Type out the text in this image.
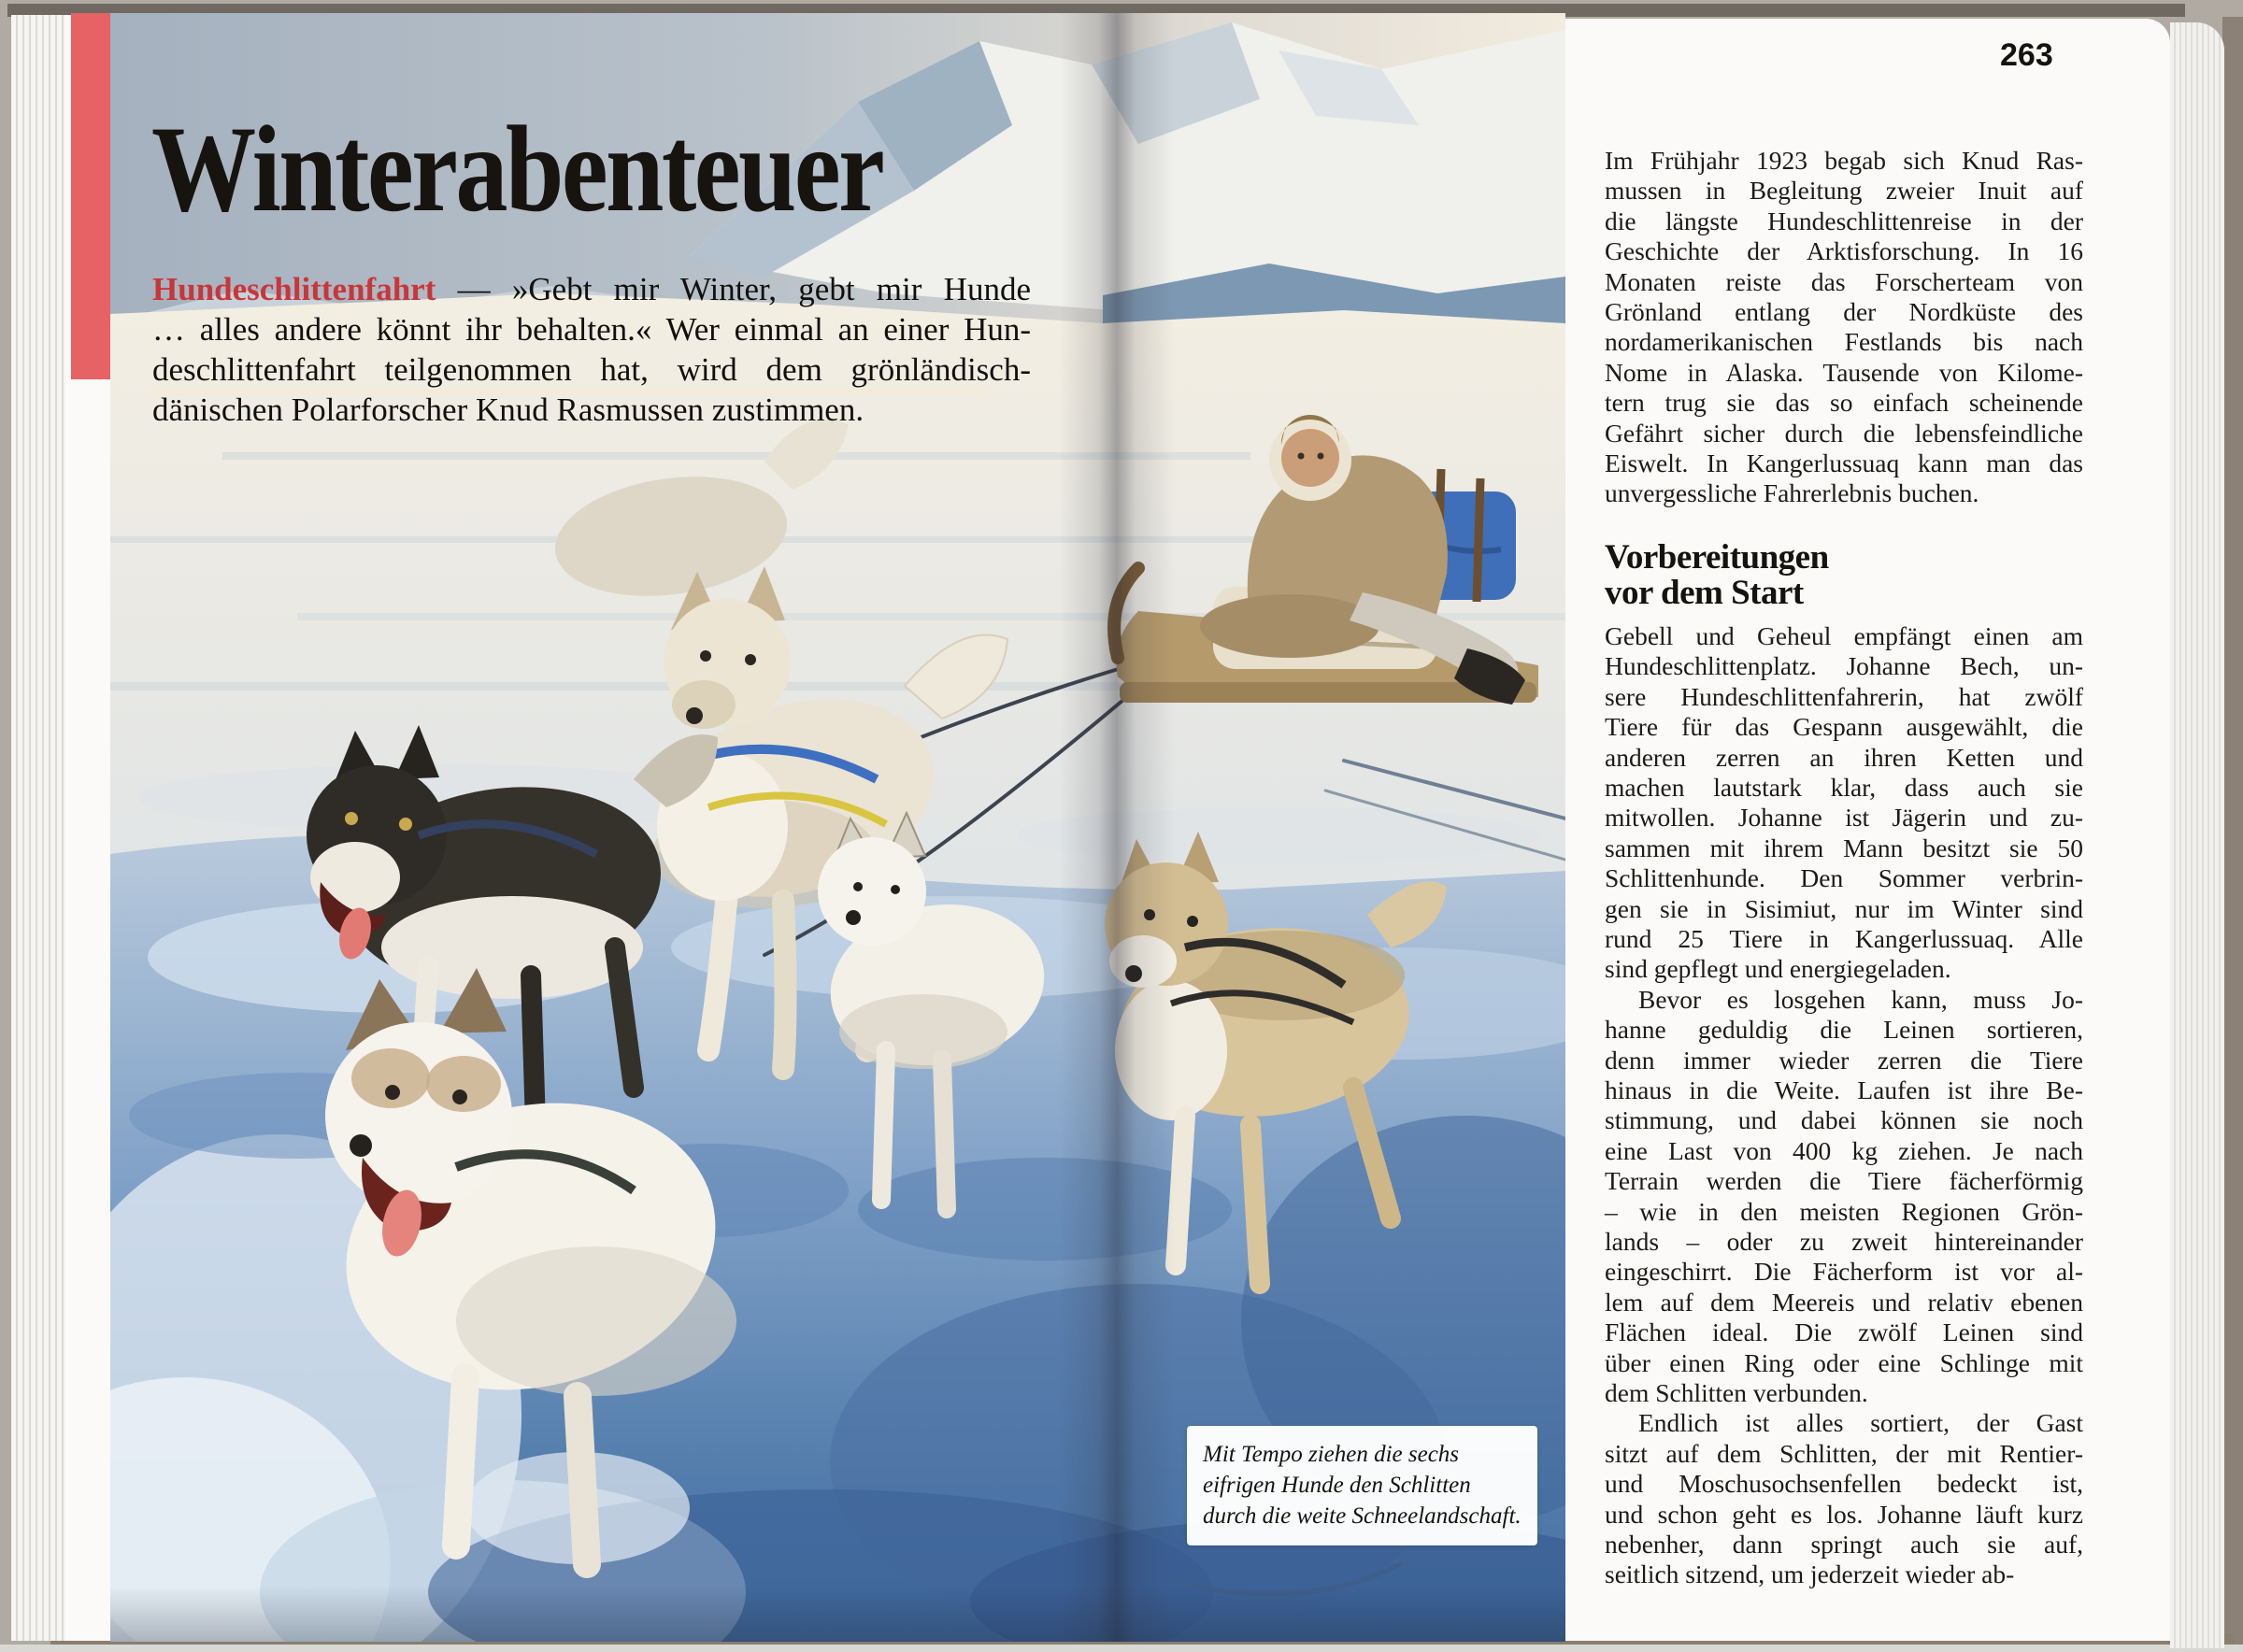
Winterabenteuer
Hundeschlittenfahrt — »Gebt mir Winter, gebt mir Hunde
… alles andere könnt ihr behalten.« Wer einmal an einer Hun-
deschlittenfahrt teilgenommen hat, wird dem grönländisch-
dänischen Polarforscher Knud Rasmussen zustimmen.
Mit Tempo ziehen die sechs
eifrigen Hunde den Schlitten
durch die weite Schneelandschaft.
263

Im Frühjahr 1923 begab sich Knud Ras-
mussen in Begleitung zweier Inuit auf
die längste Hundeschlittenreise in der
Geschichte der Arktisforschung. In 16
Monaten reiste das Forscherteam von
Grönland entlang der Nordküste des
nordamerikanischen Festlands bis nach
Nome in Alaska. Tausende von Kilome-
tern trug sie das so einfach scheinende
Gefährt sicher durch die lebensfeindliche
Eiswelt. In Kangerlussuaq kann man das
unvergessliche Fahrerlebnis buchen.

Vorbereitungen
vor dem Start

Gebell und Geheul empfängt einen am
Hundeschlittenplatz. Johanne Bech, un-
sere Hundeschlittenfahrerin, hat zwölf
Tiere für das Gespann ausgewählt, die
anderen zerren an ihren Ketten und
machen lautstark klar, dass auch sie
mitwollen. Johanne ist Jägerin und zu-
sammen mit ihrem Mann besitzt sie 50
Schlittenhunde. Den Sommer verbrin-
gen sie in Sisimiut, nur im Winter sind
rund 25 Tiere in Kangerlussuaq. Alle
sind gepflegt und energiegeladen.

Bevor es losgehen kann, muss Jo-
hanne geduldig die Leinen sortieren,
denn immer wieder zerren die Tiere
hinaus in die Weite. Laufen ist ihre Be-
stimmung, und dabei können sie noch
eine Last von 400 kg ziehen. Je nach
Terrain werden die Tiere fächerförmig
– wie in den meisten Regionen Grön-
lands – oder zu zweit hintereinander
eingeschirrt. Die Fächerform ist vor al-
lem auf dem Meereis und relativ ebenen
Flächen ideal. Die zwölf Leinen sind
über einen Ring oder eine Schlinge mit
dem Schlitten verbunden.

Endlich ist alles sortiert, der Gast
sitzt auf dem Schlitten, der mit Rentier-
und Moschusochsenfellen bedeckt ist,
und schon geht es los. Johanne läuft kurz
nebenher, dann springt auch sie auf,
seitlich sitzend, um jederzeit wieder ab-
